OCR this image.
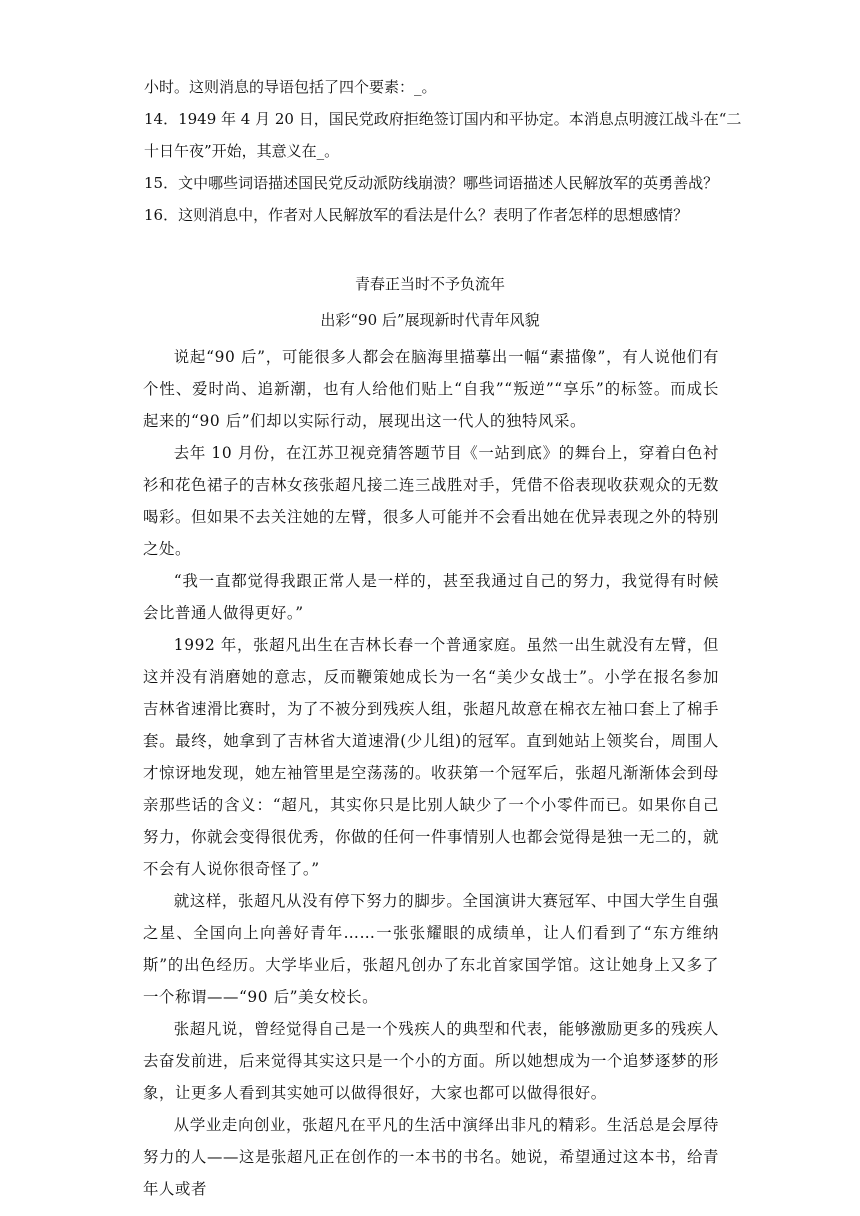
小时。这则消息的导语包括了四个要素：_。

14．1949 年 4 月 20 日，国民党政府拒绝签订国内和平协定。本消息点明渡江战斗在“二

十日午夜”开始，其意义在_。

15．文中哪些词语描述国民党反动派防线崩溃？哪些词语描述人民解放军的英勇善战？

16．这则消息中，作者对人民解放军的看法是什么？表明了作者怎样的思想感情？

青春正当时不予负流年
出彩“90 后”展现新时代青年风貌

说起“90 后”，可能很多人都会在脑海里描摹出一幅“素描像”，有人说他们有个性、爱时尚、追新潮，也有人给他们贴上“自我”“叛逆”“享乐”的标签。而成长起来的“90 后”们却以实际行动，展现出这一代人的独特风采。

去年 10 月份，在江苏卫视竞猜答题节目《一站到底》的舞台上，穿着白色衬衫和花色裙子的吉林女孩张超凡接二连三战胜对手，凭借不俗表现收获观众的无数喝彩。但如果不去关注她的左臂，很多人可能并不会看出她在优异表现之外的特别之处。

“我一直都觉得我跟正常人是一样的，甚至我通过自己的努力，我觉得有时候会比普通人做得更好。”

1992 年，张超凡出生在吉林长春一个普通家庭。虽然一出生就没有左臂，但这并没有消磨她的意志，反而鞭策她成长为一名“美少女战士”。小学在报名参加吉林省速滑比赛时，为了不被分到残疾人组，张超凡故意在棉衣左袖口套上了棉手套。最终，她拿到了吉林省大道速滑(少儿组)的冠军。直到她站上领奖台，周围人才惊讶地发现，她左袖管里是空荡荡的。收获第一个冠军后，张超凡渐渐体会到母亲那些话的含义：“超凡，其实你只是比别人缺少了一个小零件而已。如果你自己努力，你就会变得很优秀，你做的任何一件事情别人也都会觉得是独一无二的，就不会有人说你很奇怪了。”

就这样，张超凡从没有停下努力的脚步。全国演讲大赛冠军、中国大学生自强之星、全国向上向善好青年……一张张耀眼的成绩单，让人们看到了“东方维纳斯”的出色经历。大学毕业后，张超凡创办了东北首家国学馆。这让她身上又多了一个称谓——“90 后”美女校长。

张超凡说，曾经觉得自己是一个残疾人的典型和代表，能够激励更多的残疾人去奋发前进，后来觉得其实这只是一个小的方面。所以她想成为一个追梦逐梦的形象，让更多人看到其实她可以做得很好，大家也都可以做得很好。

从学业走向创业，张超凡在平凡的生活中演绎出非凡的精彩。生活总是会厚待努力的人——这是张超凡正在创作的一本书的书名。她说，希望通过这本书，给青年人或者
